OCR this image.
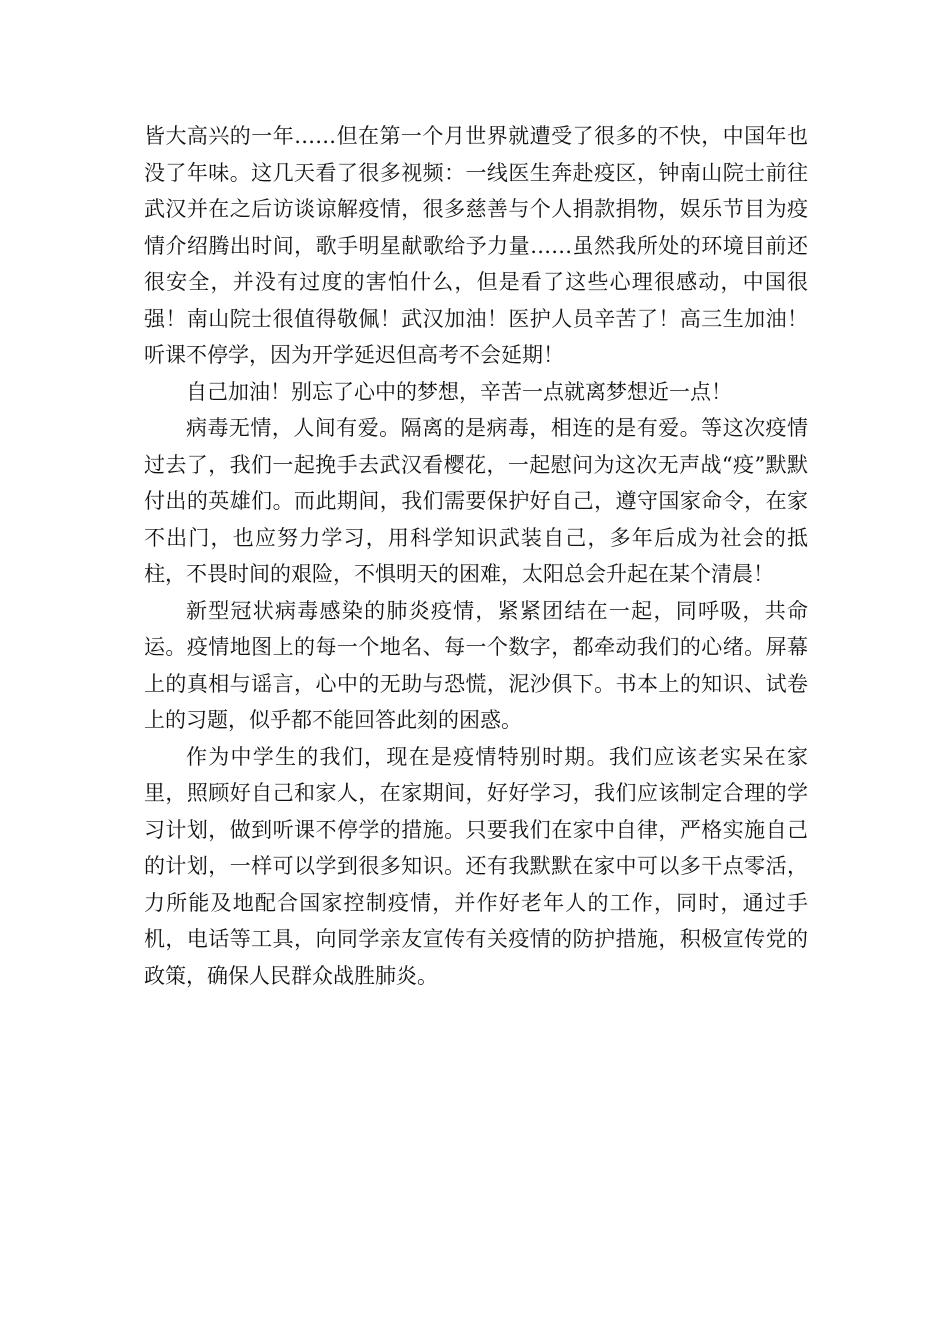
皆大高兴的一年……但在第一个月世界就遭受了很多的不快，中国年也没了年味。这几天看了很多视频：一线医生奔赴疫区，钟南山院士前往武汉并在之后访谈谅解疫情，很多慈善与个人捐款捐物，娱乐节目为疫情介绍腾出时间，歌手明星献歌给予力量……虽然我所处的环境目前还很安全，并没有过度的害怕什么，但是看了这些心理很感动，中国很强！南山院士很值得敬佩！武汉加油！医护人员辛苦了！高三生加油！听课不停学，因为开学延迟但高考不会延期！

自己加油！别忘了心中的梦想，辛苦一点就离梦想近一点！

病毒无情，人间有爱。隔离的是病毒，相连的是有爱。等这次疫情过去了，我们一起挽手去武汉看樱花，一起慰问为这次无声战“疫”默默付出的英雄们。而此期间，我们需要保护好自己，遵守国家命令，在家不出门，也应努力学习，用科学知识武装自己，多年后成为社会的抵柱，不畏时间的艰险，不惧明天的困难，太阳总会升起在某个清晨！

新型冠状病毒感染的肺炎疫情，紧紧团结在一起，同呼吸，共命运。疫情地图上的每一个地名、每一个数字，都牵动我们的心绪。屏幕上的真相与谣言，心中的无助与恐慌，泥沙俱下。书本上的知识、试卷上的习题，似乎都不能回答此刻的困惑。

作为中学生的我们，现在是疫情特别时期。我们应该老实呆在家里，照顾好自己和家人，在家期间，好好学习，我们应该制定合理的学习计划，做到听课不停学的措施。只要我们在家中自律，严格实施自己的计划，一样可以学到很多知识。还有我默默在家中可以多干点零活，力所能及地配合国家控制疫情，并作好老年人的工作，同时，通过手机，电话等工具，向同学亲友宣传有关疫情的防护措施，积极宣传党的政策，确保人民群众战胜肺炎。
